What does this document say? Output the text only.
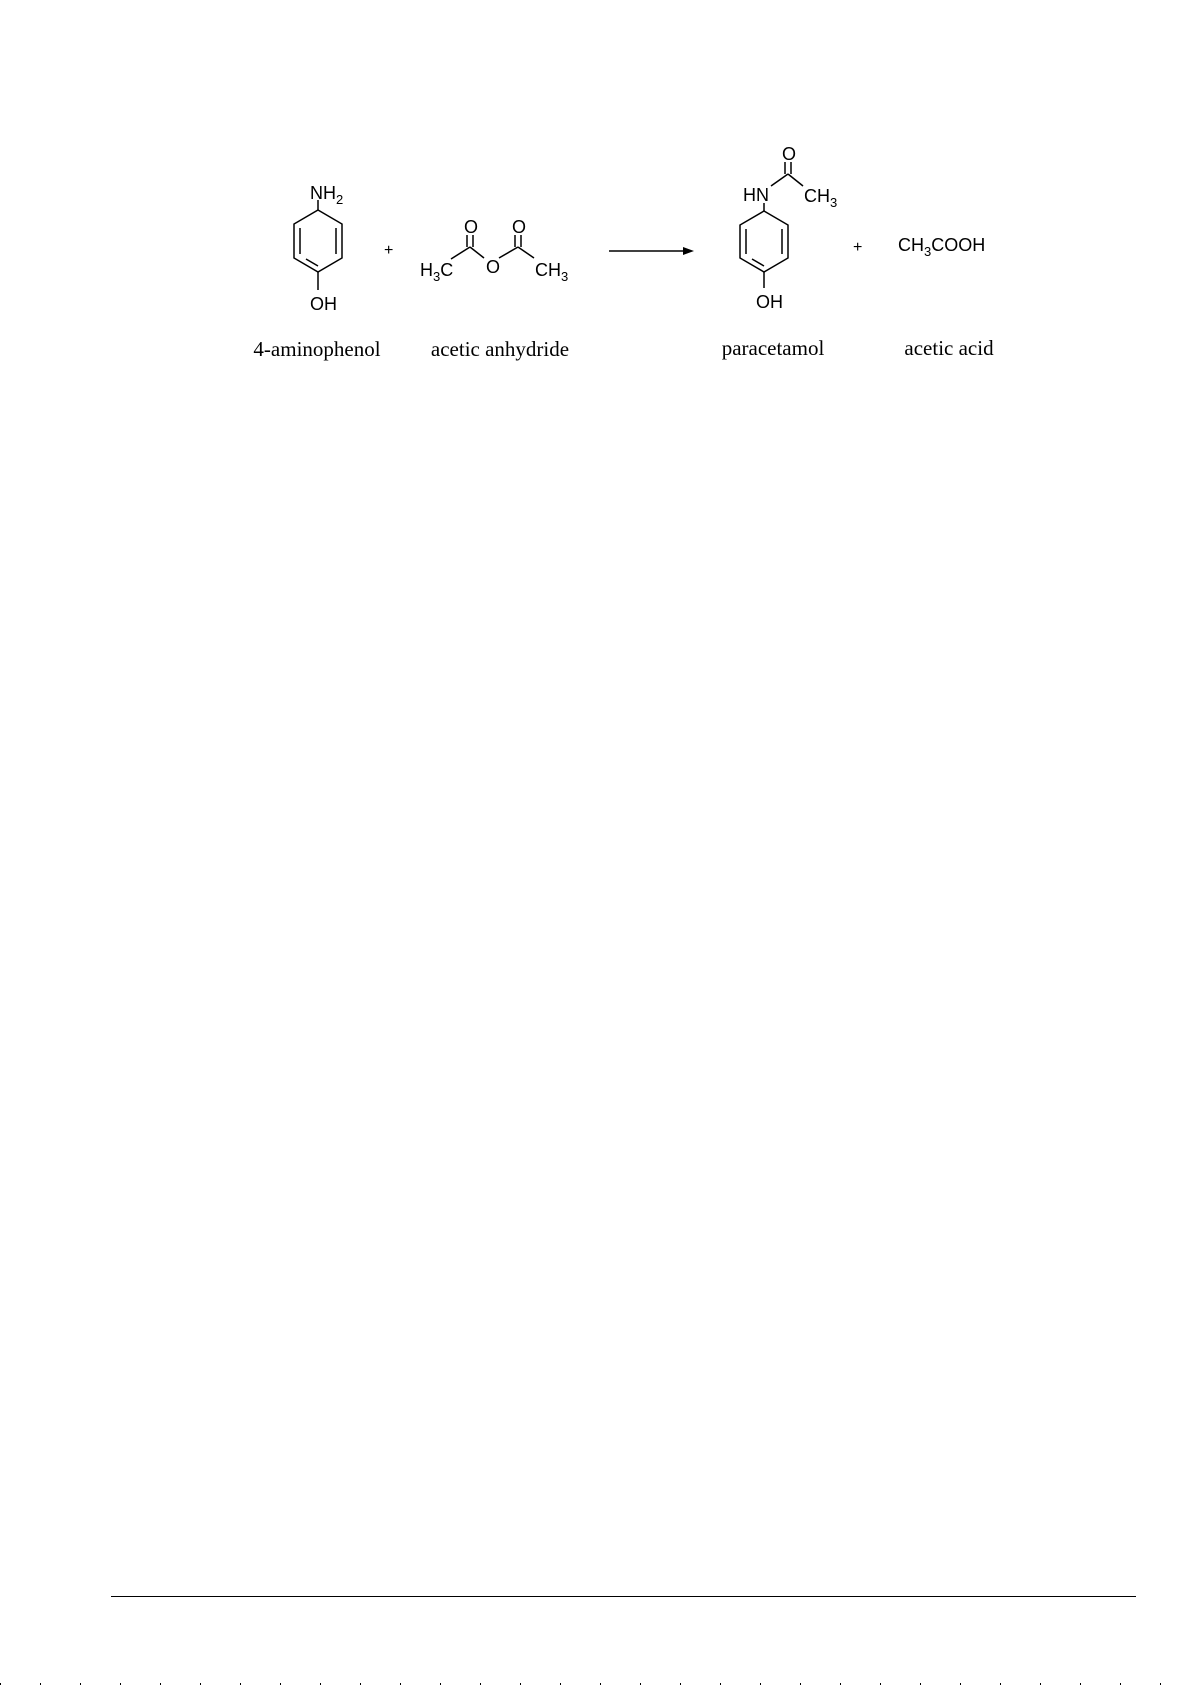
$NH_2$
OH
+
$H_3C$
O
O
O
$CH_3$
HN
O
$CH_3$
OH
+ $CH_3COOH$
4-aminophenol acetic anhydride	paracetamol	acetic acid
